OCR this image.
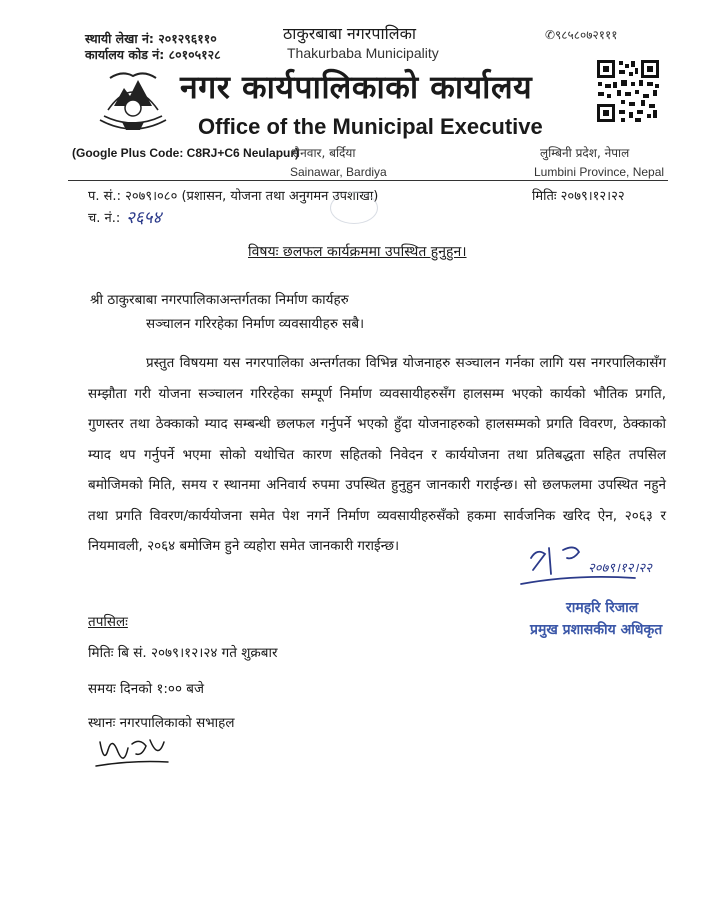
स्थायी लेखा नं: २०१२९६११०
कार्यालय कोड नं: ८०१०५१२८
ठाकुरबाबा नगरपालिका
Thakurbaba Municipality
✆९८५८०७२१११
नगर कार्यपालिकाको कार्यालय
Office of the Municipal Executive
(Google Plus Code: C8RJ+C6 Neulapur)
सैनवार, बर्दिया
Sainawar, Bardiya
लुम्बिनी प्रदेश, नेपाल
Lumbini Province, Nepal
प. सं.: २०७९।०८० (प्रशासन, योजना तथा अनुगमन उपशाखा)	मितिः २०७९।१२।२२
च. नं.: २६५४
विषयः छलफल कार्यक्रममा उपस्थित हुनुहुन।
श्री ठाकुरबाबा नगरपालिकाअन्तर्गतका निर्माण कार्यहरु
सञ्चालन गरिरहेका निर्माण व्यवसायीहरु सबै।
प्रस्तुत विषयमा यस नगरपालिका अन्तर्गतका विभिन्न योजनाहरु सञ्चालन गर्नका लागि यस नगरपालिकासँग सम्झौता गरी योजना सञ्चालन गरिरहेका सम्पूर्ण निर्माण व्यवसायीहरुसँग हालसम्म भएको कार्यको भौतिक प्रगति, गुणस्तर तथा ठेक्काको म्याद सम्बन्धी छलफल गर्नुपर्ने भएको हुँदा योजनाहरुको हालसम्मको प्रगति विवरण, ठेक्काको म्याद थप गर्नुपर्ने भएमा सोको यथोचित कारण सहितको निवेदन र कार्ययोजना तथा प्रतिबद्धता सहित तपसिल बमोजिमको मिति, समय र स्थानमा अनिवार्य रुपमा उपस्थित हुनुहुन जानकारी गराईन्छ। सो छलफलमा उपस्थित नहुने तथा प्रगति विवरण/कार्ययोजना समेत पेश नगर्ने निर्माण व्यवसायीहरुसँको हकमा सार्वजनिक खरिद ऐन, २०६३ र नियमावली, २०६४ बमोजिम हुने व्यहोरा समेत जानकारी गराईन्छ।
२०७९।१२।२२
रामहरि रिजाल
प्रमुख प्रशासकीय अधिकृत
तपसिलः
मितिः बि सं. २०७९।१२।२४ गते शुक्रबार
समयः दिनको १:०० बजे
स्थानः नगरपालिकाको सभाहल
